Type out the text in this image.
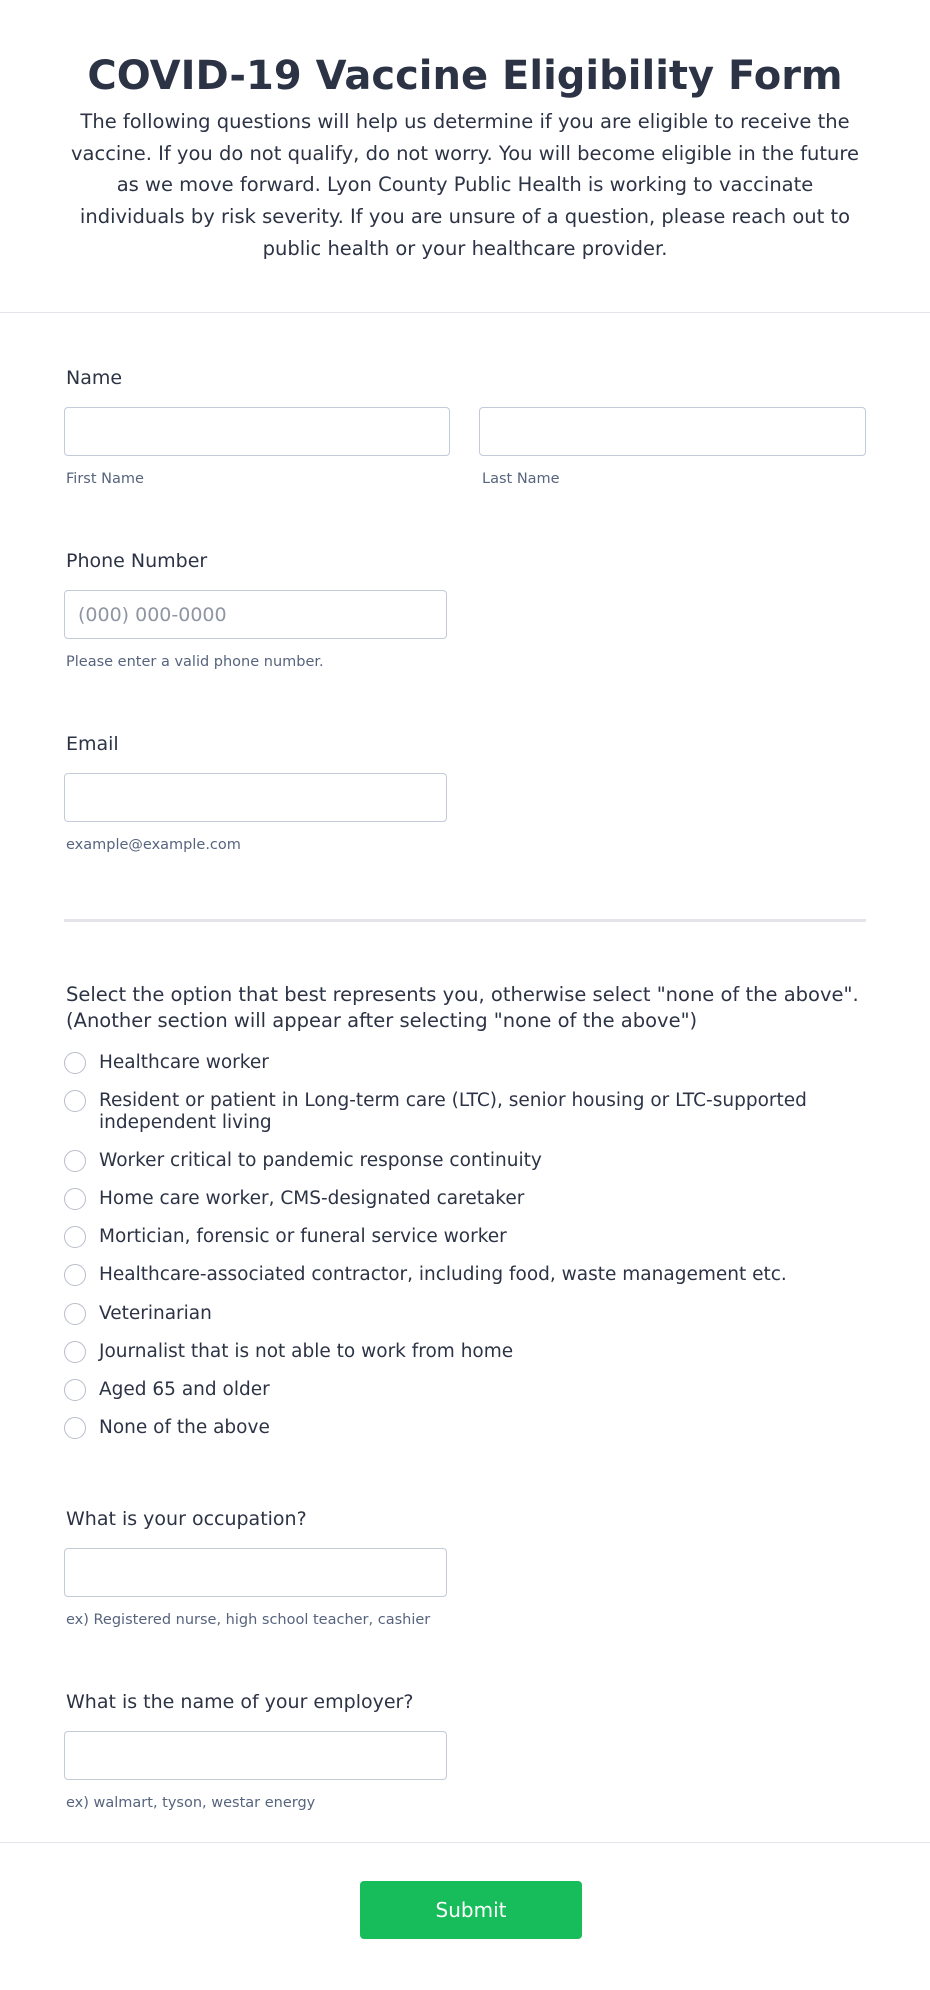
COVID-19 Vaccine Eligibility Form

The following questions will help us determine if you are eligible to receive the vaccine. If you do not qualify, do not worry. You will become eligible in the future as we move forward. Lyon County Public Health is working to vaccinate individuals by risk severity. If you are unsure of a question, please reach out to public health or your healthcare provider.

Name
First Name	Last Name
Phone Number
(000) 000-0000
Please enter a valid phone number.
Email
example@example.com
Select the option that best represents you, otherwise select "none of the above".
(Another section will appear after selecting "none of the above")
Healthcare worker
Resident or patient in Long-term care (LTC), senior housing or LTC-supported independent living
Worker critical to pandemic response continuity
Home care worker, CMS-designated caretaker
Mortician, forensic or funeral service worker
Healthcare-associated contractor, including food, waste management etc.
Veterinarian
Journalist that is not able to work from home
Aged 65 and older
None of the above
What is your occupation?
ex) Registered nurse, high school teacher, cashier
What is the name of your employer?
ex) walmart, tyson, westar energy
Submit
